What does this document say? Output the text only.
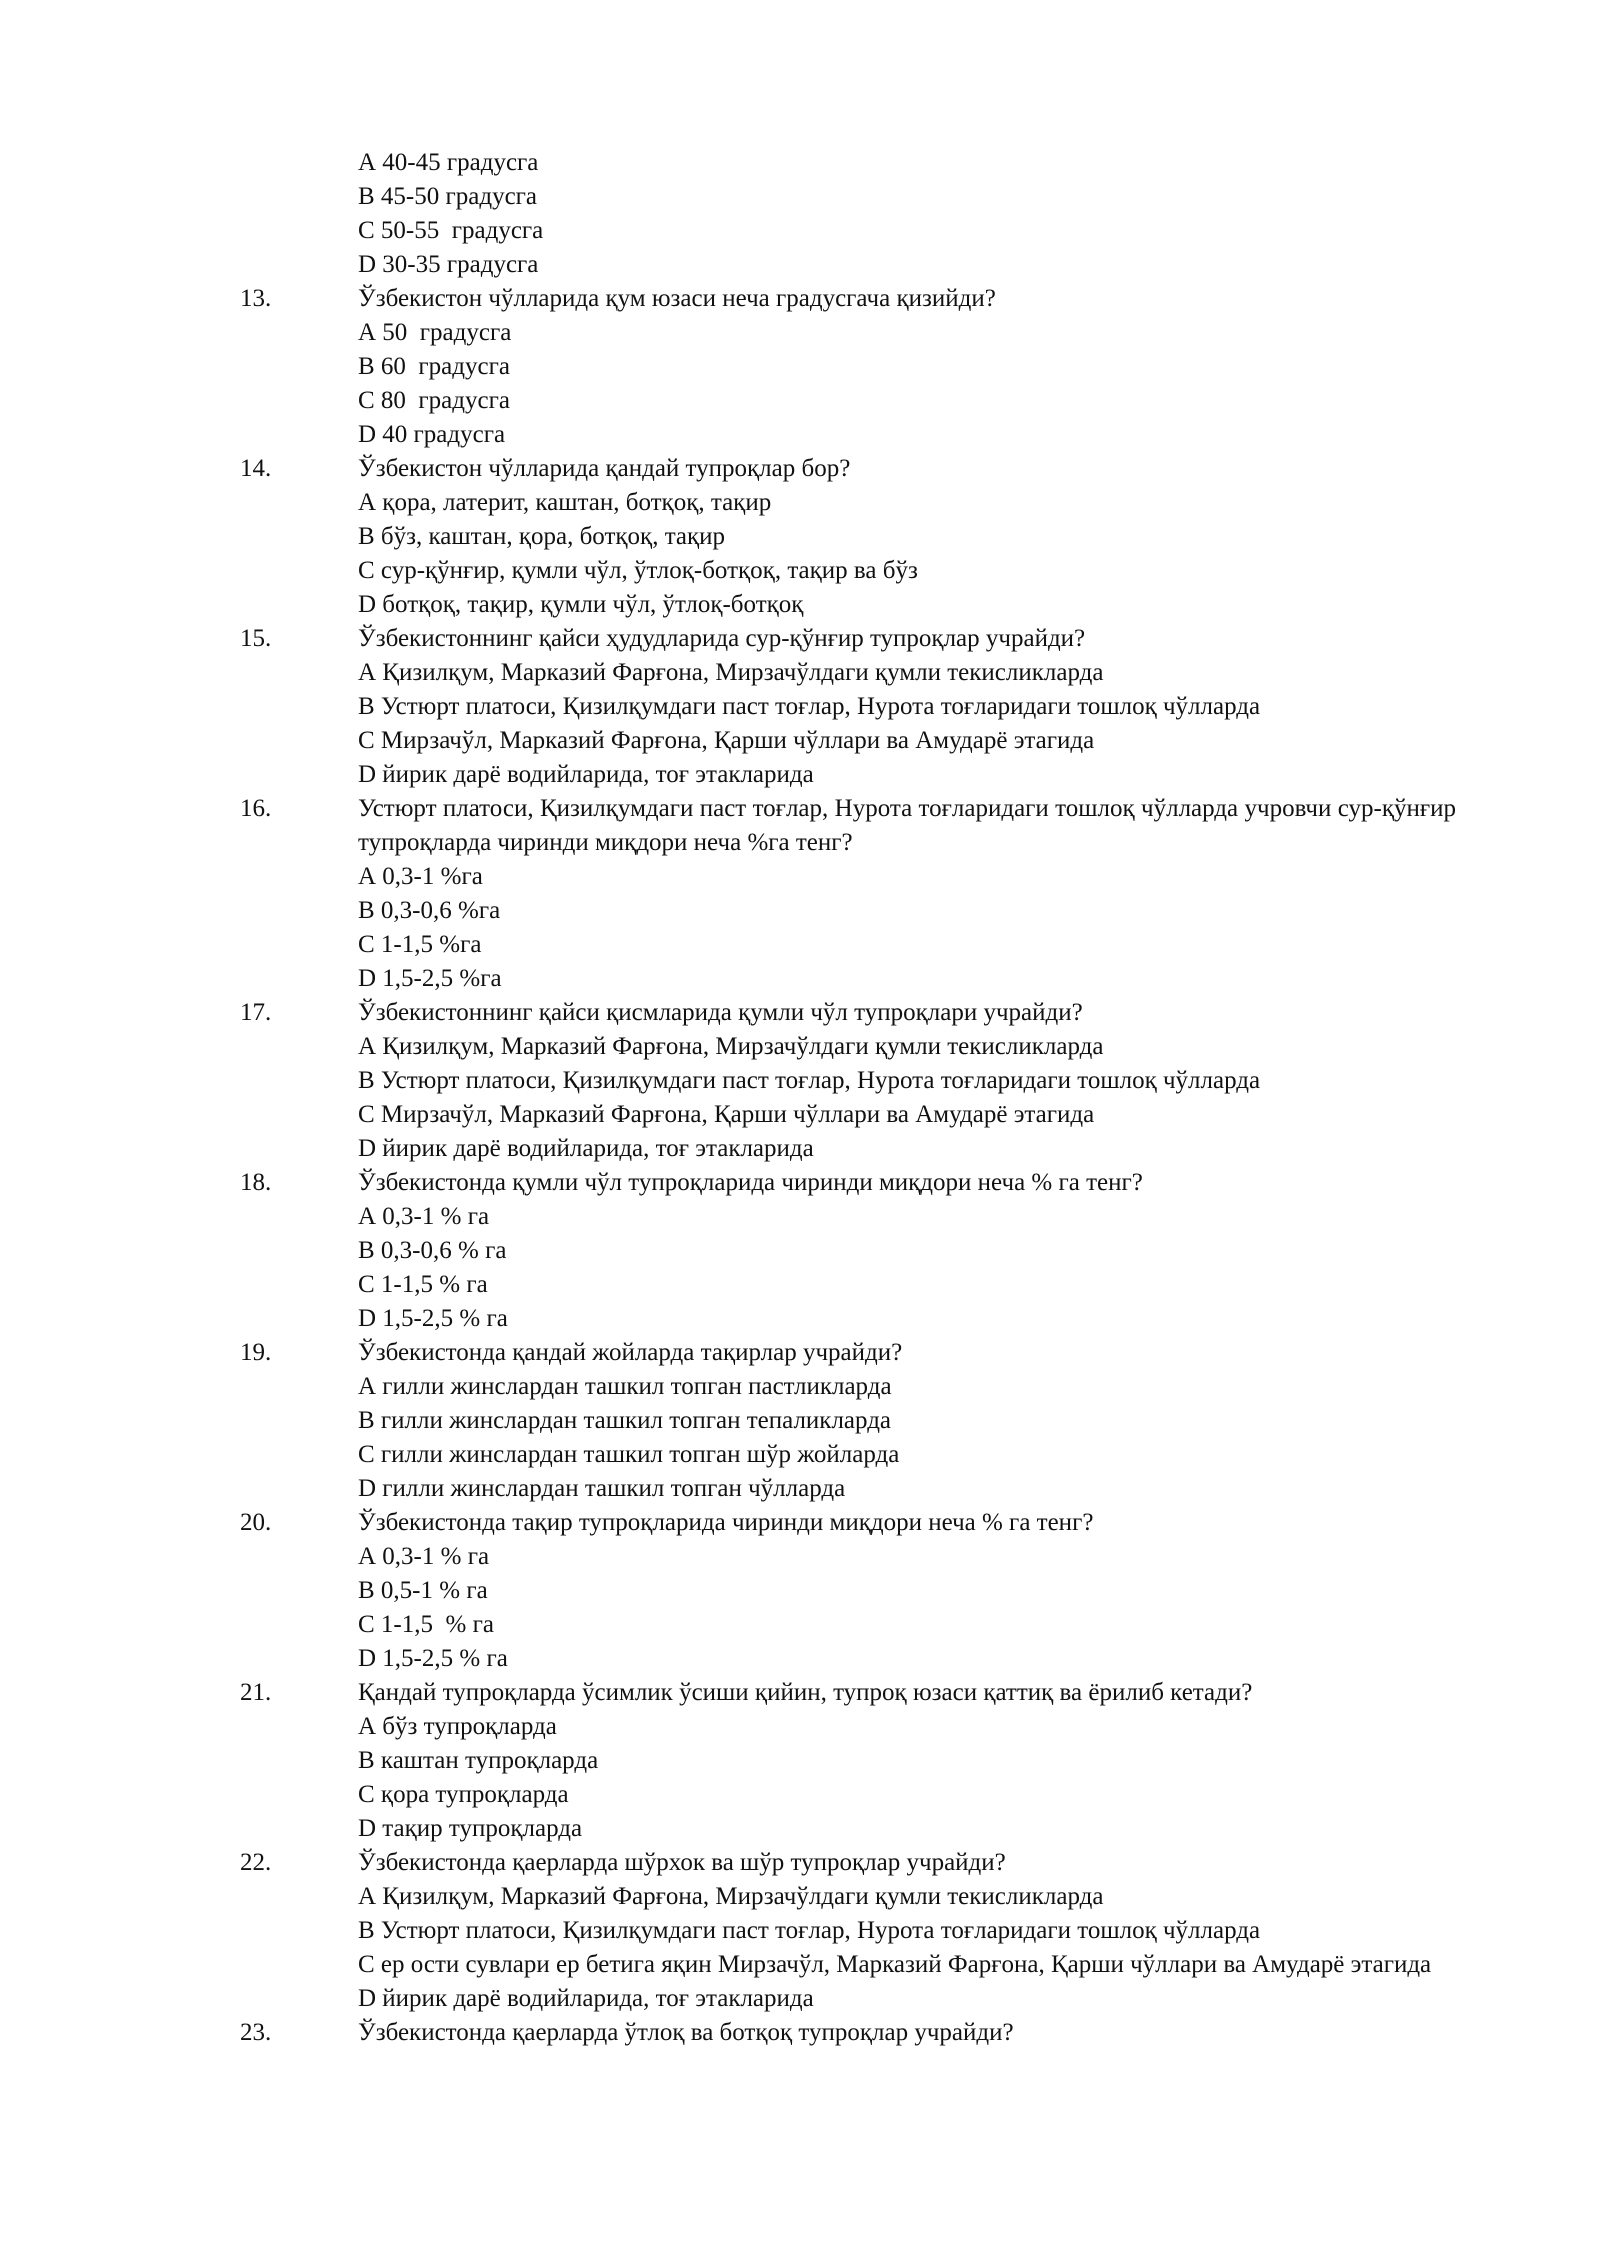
А 40-45 градусга
B 45-50 градусга
C 50-55  градусга
D 30-35 градусга
13.	Ўзбекистон чўлларида қум юзаси неча градусгача қизийди?
А 50  градусга
B 60  градусга
C 80  градусга
D 40 градусга
14.	Ўзбекистон чўлларида қандай тупроқлар бор?
А қора, латерит, каштан, ботқоқ, тақир
B бўз, каштан, қора, ботқоқ, тақир
C сур-қўнғир, қумли чўл, ўтлоқ-ботқоқ, тақир ва бўз
D ботқоқ, тақир, қумли чўл, ўтлоқ-ботқоқ
15.	Ўзбекистоннинг қайси ҳудудларида сур-қўнғир тупроқлар учрайди?
А Қизилқум, Марказий Фарғона, Мирзачўлдаги қумли текисликларда
B Устюрт платоси, Қизилқумдаги паст тоғлар, Нурота тоғларидаги тошлоқ чўлларда
C Мирзачўл, Марказий Фарғона, Қарши чўллари ва Амударё этагида
D йирик дарё водийларида, тоғ этакларида
16.	Устюрт платоси, Қизилқумдаги паст тоғлар, Нурота тоғларидаги тошлоқ чўлларда учровчи сур-қўнғир тупроқларда чиринди миқдори неча %га тенг?
А 0,3-1 %га
B 0,3-0,6 %га
C 1-1,5 %га
D 1,5-2,5 %га
17.	Ўзбекистоннинг қайси қисмларида қумли чўл тупроқлари учрайди?
А Қизилқум, Марказий Фарғона, Мирзачўлдаги қумли текисликларда
B Устюрт платоси, Қизилқумдаги паст тоғлар, Нурота тоғларидаги тошлоқ чўлларда
C Мирзачўл, Марказий Фарғона, Қарши чўллари ва Амударё этагида
D йирик дарё водийларида, тоғ этакларида
18.	Ўзбекистонда қумли чўл тупроқларида чиринди миқдори неча % га тенг?
А 0,3-1 % га
B 0,3-0,6 % га
C 1-1,5 % га
D 1,5-2,5 % га
19.	Ўзбекистонда қандай жойларда тақирлар учрайди?
А гилли жинслардан ташкил топган пастликларда
B гилли жинслардан ташкил топган тепаликларда
C гилли жинслардан ташкил топган шўр жойларда
D гилли жинслардан ташкил топган чўлларда
20.	Ўзбекистонда тақир тупроқларида чиринди миқдори неча % га тенг?
А 0,3-1 % га
B 0,5-1 % га
C 1-1,5  % га
D 1,5-2,5 % га
21.	Қандай тупроқларда ўсимлик ўсиши қийин, тупроқ юзаси қаттиқ ва ёрилиб кетади?
А бўз тупроқларда
B каштан тупроқларда
C қора тупроқларда
D тақир тупроқларда
22.	Ўзбекистонда қаерларда шўрхок ва шўр тупроқлар учрайди?
А Қизилқум, Марказий Фарғона, Мирзачўлдаги қумли текисликларда
B Устюрт платоси, Қизилқумдаги паст тоғлар, Нурота тоғларидаги тошлоқ чўлларда
C ер ости сувлари ер бетига яқин Мирзачўл, Марказий Фарғона, Қарши чўллари ва Амударё этагида
D йирик дарё водийларида, тоғ этакларида
23.	Ўзбекистонда қаерларда ўтлоқ ва ботқоқ тупроқлар учрайди?
